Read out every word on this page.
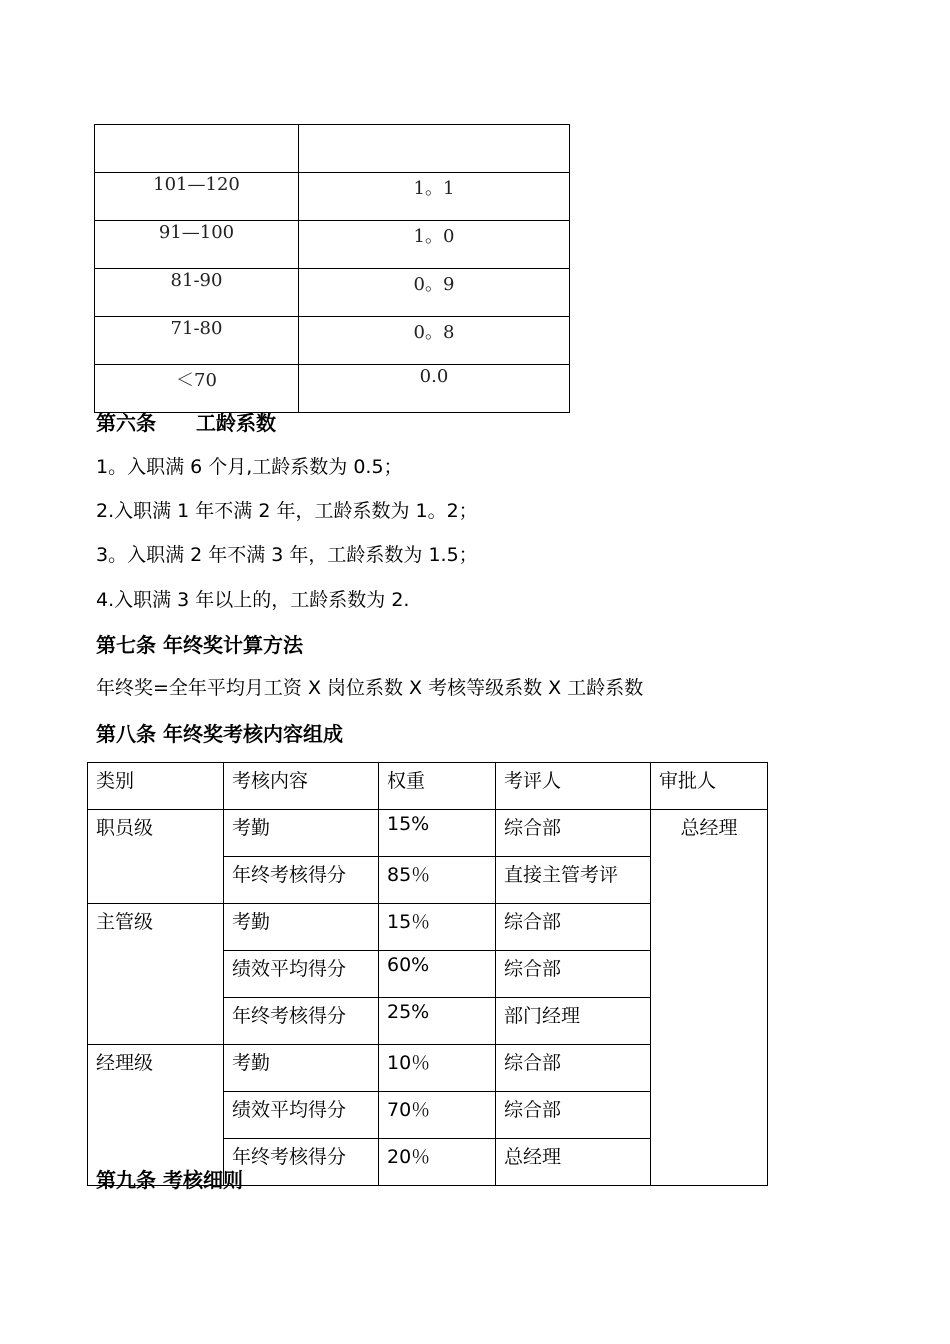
101—120	1。1
91—100	1。0
81-90	0。9
71-80	0。8
＜70	0.0
第六条　　工龄系数
1。入职满 6 个月,工龄系数为 0.5；
2.入职满 1 年不满 2 年，工龄系数为 1。2；
3。入职满 2 年不满 3 年，工龄系数为 1.5；
4.入职满 3 年以上的，工龄系数为 2.
第七条 年终奖计算方法
年终奖=全年平均月工资 X 岗位系数 X 考核等级系数 X 工龄系数
第八条 年终奖考核内容组成
类别	考核内容	权重	考评人	审批人
职员级	考勤	15%	综合部	总经理
	年终考核得分	85％	直接主管考评	
主管级	考勤	15％	综合部	
	绩效平均得分	60%	综合部	
	年终考核得分	25%	部门经理	
经理级	考勤	10％	综合部	
	绩效平均得分	70％	综合部	
	年终考核得分	20％	总经理	
第九条 考核细则
